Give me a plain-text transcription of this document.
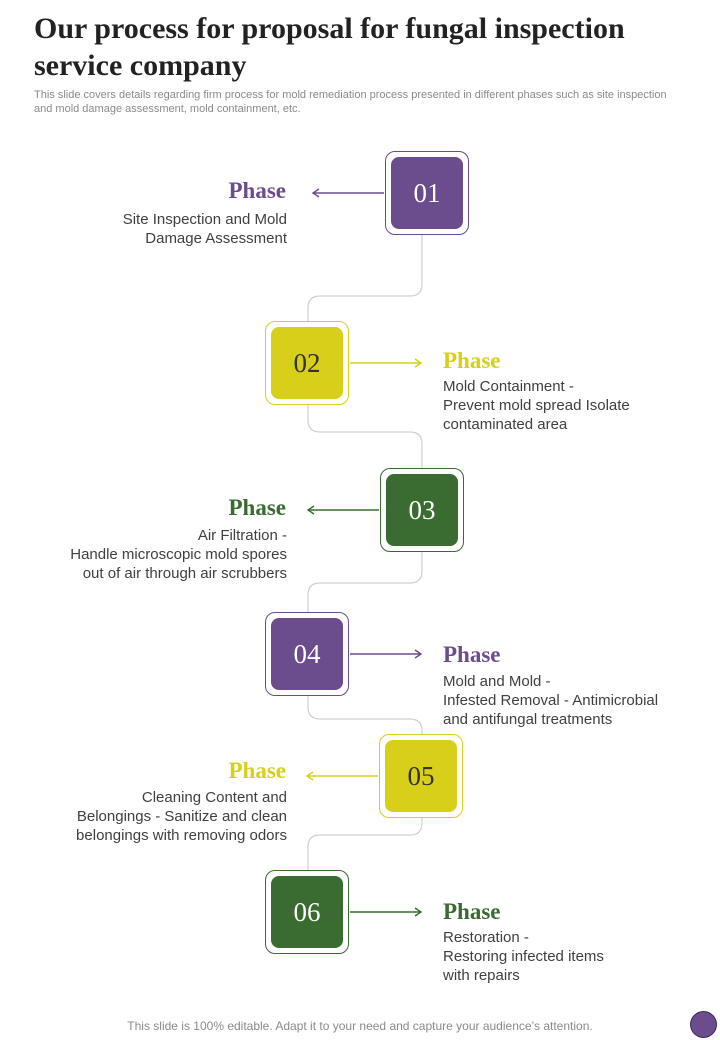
Our process for proposal for fungal inspection service company

This slide covers details regarding firm process for mold remediation process presented in different phases such as site inspection and mold damage assessment, mold containment, etc.

Phase
Site Inspection and Mold
Damage Assessment
01
02	Phase
Mold Containment -
Prevent mold spread Isolate
contaminated area
Phase
Air Filtration -
Handle microscopic mold spores
out of air through air scrubbers
03
04	Phase
Mold and Mold -
Infested Removal - Antimicrobial
and antifungal treatments
Phase
Cleaning Content and
Belongings - Sanitize and clean
belongings with removing odors
05
06	Phase
Restoration -
Restoring infected items
with repairs

This slide is 100% editable. Adapt it to your need and capture your audience’s attention.
